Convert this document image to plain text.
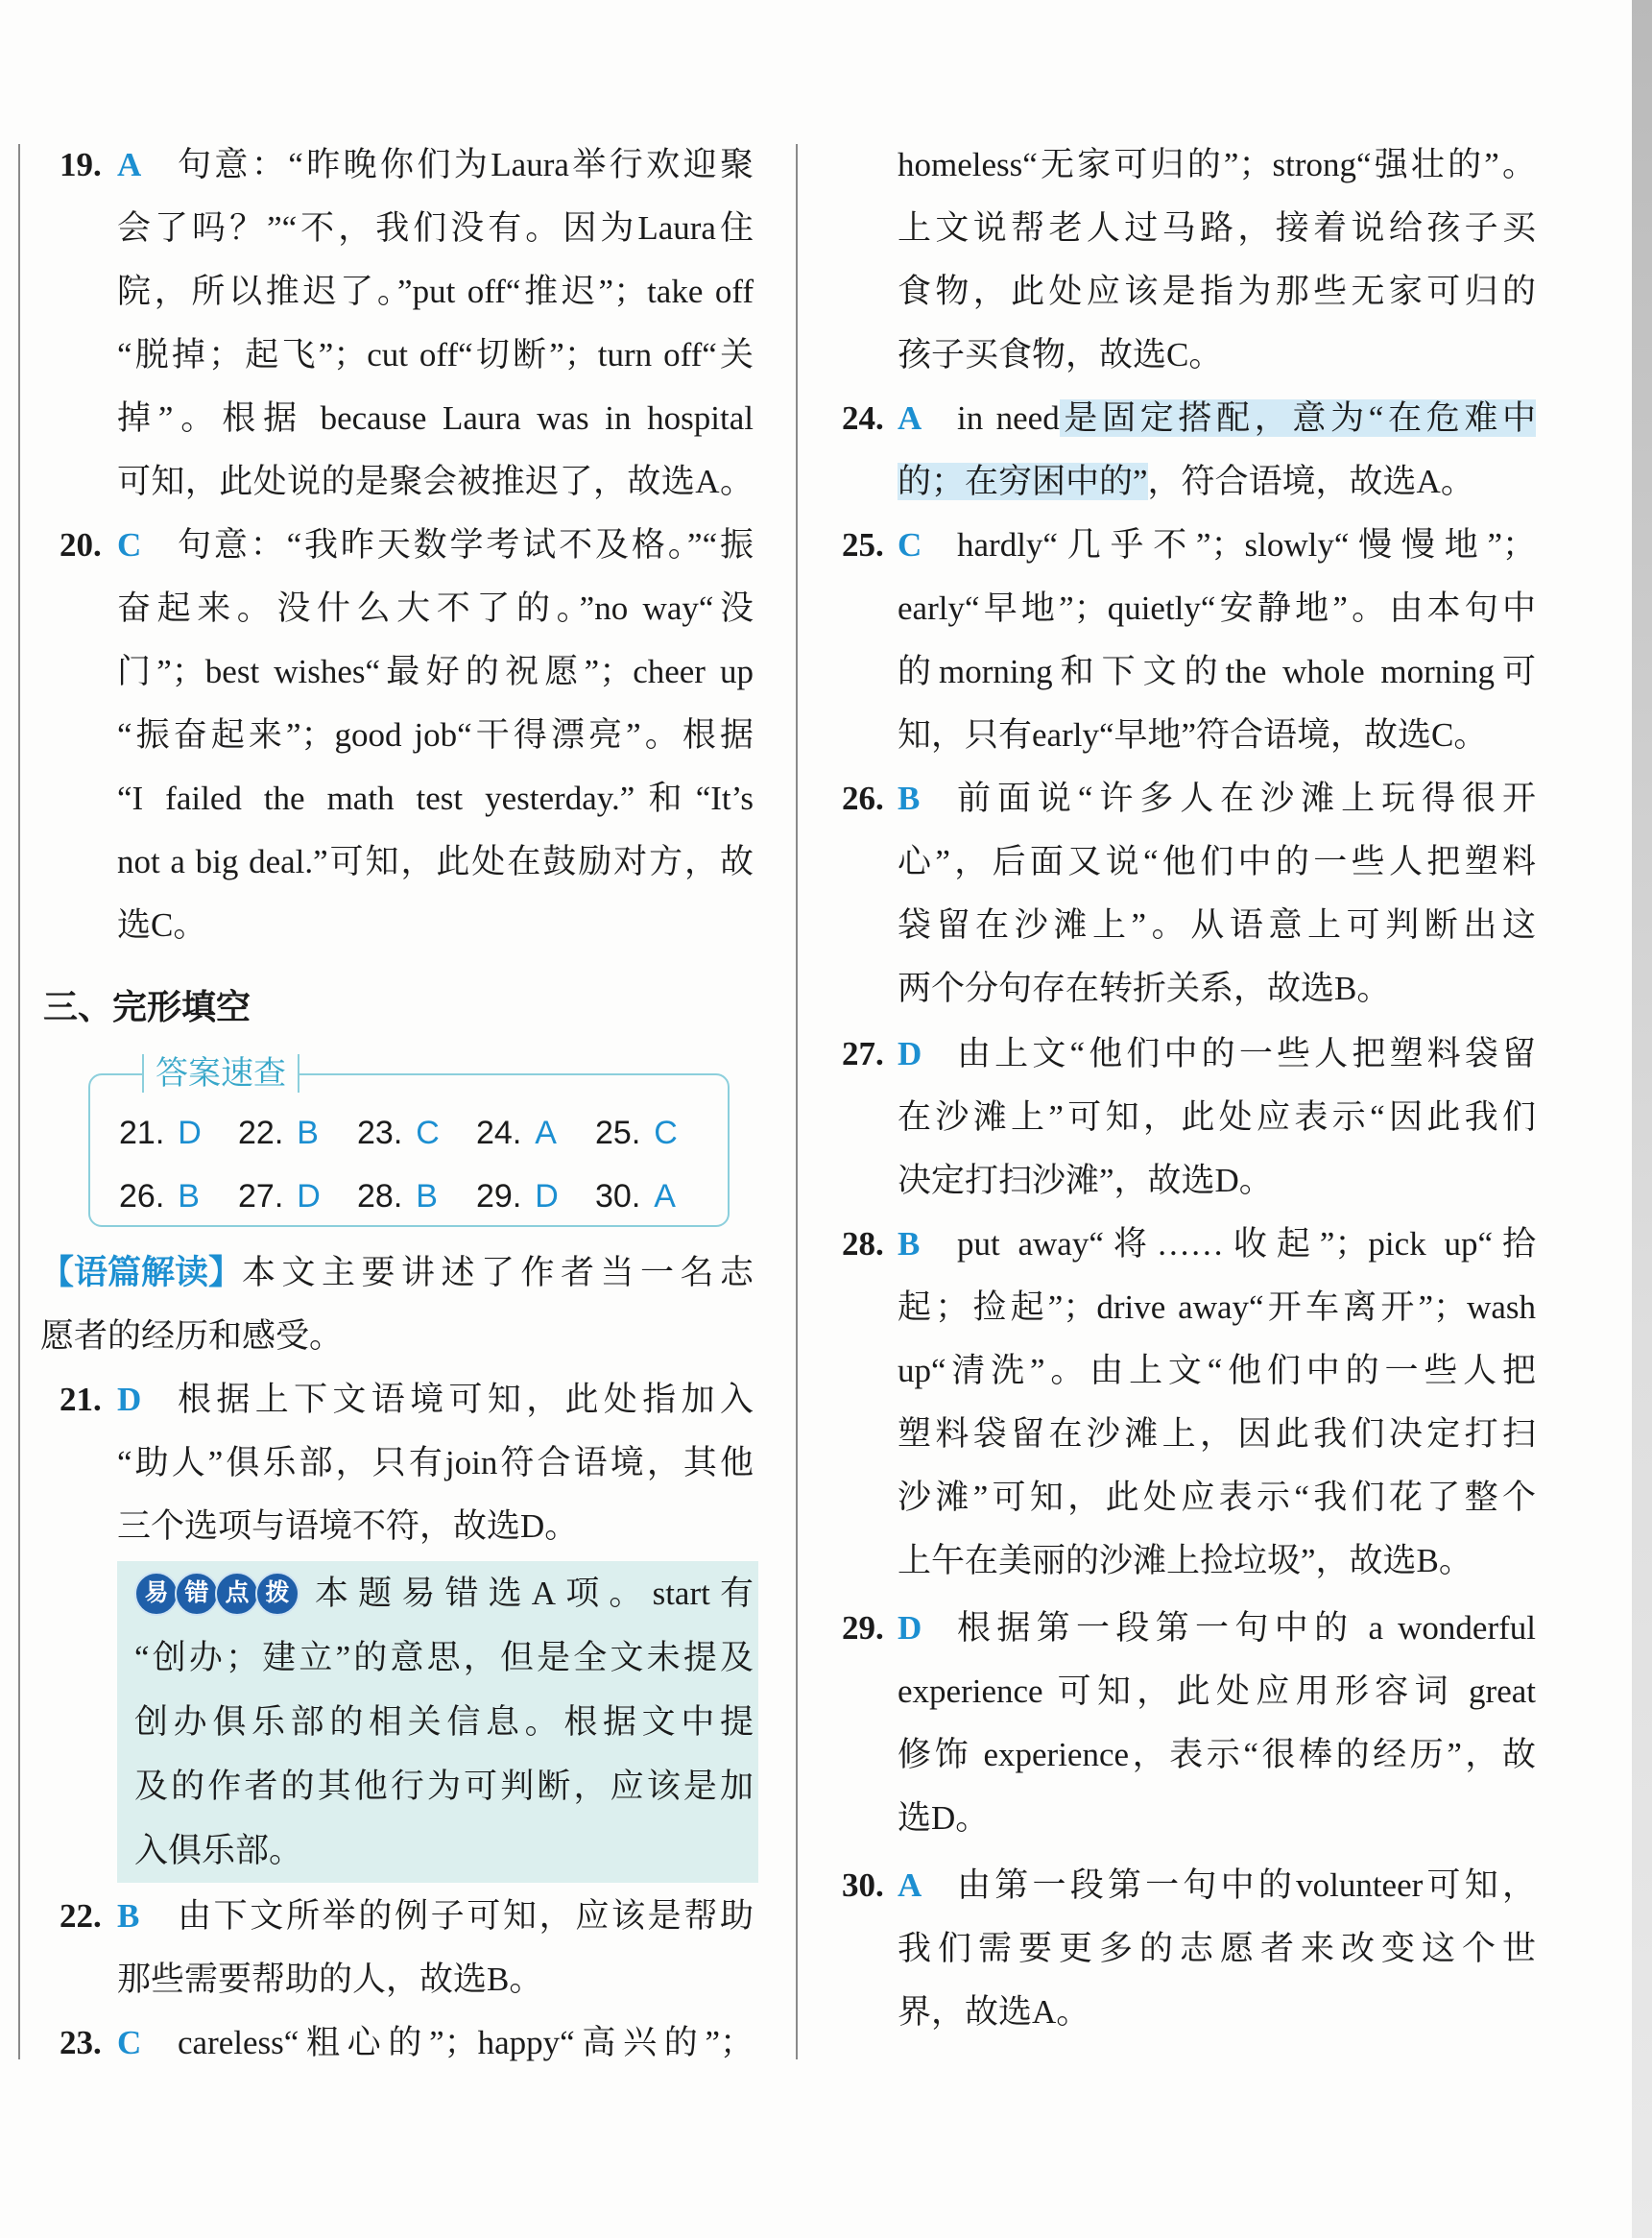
19. A	句意：“昨晚你们为Laura举行欢迎聚
会了吗？”“不，我们没有。因为Laura住
院，所以推迟了。”put off“推迟”；take off
“脱掉；起飞”；cut off“切断”；turn off“关
掉”。根据 because Laura was in hospital
可知，此处说的是聚会被推迟了，故选A。
20. C	句意：“我昨天数学考试不及格。”“振
奋起来。没什么大不了的。”no way“没
门”；best wishes“最好的祝愿”；cheer up
“振奋起来”；good job“干得漂亮”。根据
“I failed the math test yesterday.”和“It’s
not a big deal.”可知，此处在鼓励对方，故
选C。
三、完形填空
答案速查
21. D	22. B	23. C	24. A	25. C
26. B	27. D	28. B	29. D	30. A
【语篇解读】 本文主要讲述了作者当一名志
愿者的经历和感受。
21. D	根据上下文语境可知，此处指加入
“助人”俱乐部，只有join符合语境，其他
三个选项与语境不符，故选D。
易 错 点 拨 本题易错选A项。start有
“创办；建立”的意思，但是全文未提及
创办俱乐部的相关信息。根据文中提
及的作者的其他行为可判断，应该是加
入俱乐部。
22. B	由下文所举的例子可知，应该是帮助
那些需要帮助的人，故选B。
23. C	careless“粗心的”；happy“高兴的”；
homeless“无家可归的”；strong“强壮的”。
上文说帮老人过马路，接着说给孩子买
食物，此处应该是指为那些无家可归的
孩子买食物，故选C。
24. A	in need是固定搭配，意为“在危难中
的；在穷困中的”，符合语境，故选A。
25. C	hardly“几乎不”；slowly“慢慢地”；
early“早地”；quietly“安静地”。由本句中
的morning和下文的the whole morning可
知，只有early“早地”符合语境，故选C。
26. B	前面说“许多人在沙滩上玩得很开
心”，后面又说“他们中的一些人把塑料
袋留在沙滩上”。从语意上可判断出这
两个分句存在转折关系，故选B。
27. D	由上文“他们中的一些人把塑料袋留
在沙滩上”可知，此处应表示“因此我们
决定打扫沙滩”，故选D。
28. B	put away“将……收起”；pick up“拾
起；捡起”；drive away“开车离开”；wash
up“清洗”。由上文“他们中的一些人把
塑料袋留在沙滩上，因此我们决定打扫
沙滩”可知，此处应表示“我们花了整个
上午在美丽的沙滩上捡垃圾”，故选B。
29. D	根据第一段第一句中的 a wonderful
experience 可知，此处应用形容词 great
修饰 experience，表示“很棒的经历”，故
选D。
30. A	由第一段第一句中的volunteer可知，
我们需要更多的志愿者来改变这个世
界，故选A。
